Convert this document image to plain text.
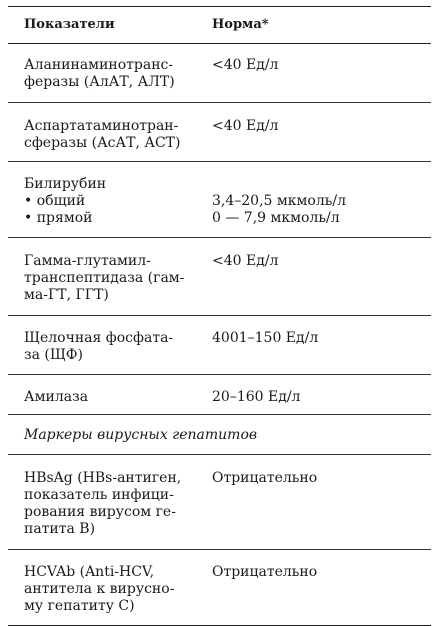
Показатели	Норма*

Аланинаминотранс-
феразы (АлАТ, АЛТ)	<40 Ед/л

Аспартатаминотран-
сферазы (АсАТ, АСТ)	<40 Ед/л

Билирубин
• общий
• прямой	3,4–20,5 мкмоль/л
0 — 7,9 мкмоль/л

Гамма-глутамил-
транспептидаза (гам-
ма-ГТ, ГГТ)	<40 Ед/л

Щелочная фосфата-
за (ЩФ)	4001–150 Ед/л

Амилаза	20–160 Ед/л

Маркеры вирусных гепатитов	

HBsAg (HBs-антиген,
показатель инфици-
рования вирусом ге-
патита B)	Отрицательно

HCVAb (Anti-HCV,
антитела к вирусно-
му гепатиту С)	Отрицательно
